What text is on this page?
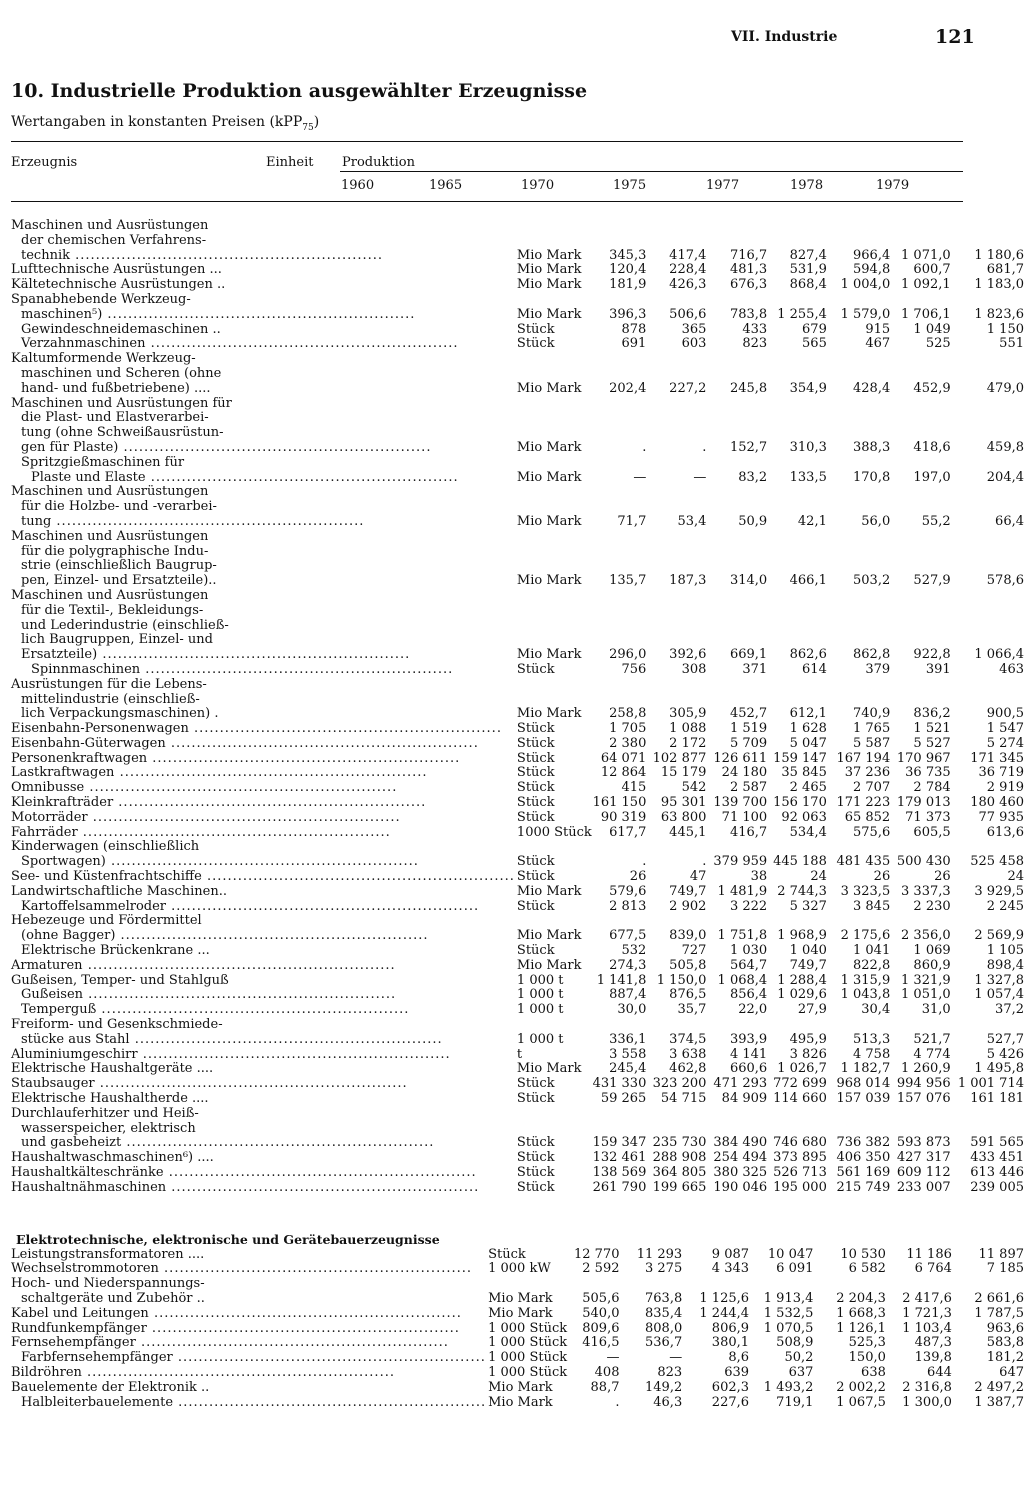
VII. Industrie	121
10. Industrielle Produktion ausgewählter Erzeugnisse
Wertangaben in konstanten Preisen (kPP$_{75}$)
Erzeugnis	Einheit Produktion
1960	1965	1970	1975	1977	1978	1979
Maschinen und Ausrüstungen								
der chemischen Verfahrens-								
technik ............................................................	Mio Mark	345,3	417,4	716,7	827,4	966,4	1 071,0	1 180,6
Lufttechnische Ausrüstungen ...	Mio Mark	120,4	228,4	481,3	531,9	594,8	600,7	681,7
Kältetechnische Ausrüstungen ..	Mio Mark	181,9	426,3	676,3	868,4	1 004,0	1 092,1	1 183,0
Spanabhebende Werkzeug-								
maschinen⁵) ............................................................	Mio Mark	396,3	506,6	783,8	1 255,4	1 579,0	1 706,1	1 823,6
Gewindeschneidemaschinen ..	Stück	878	365	433	679	915	1 049	1 150
Verzahnmaschinen ............................................................	Stück	691	603	823	565	467	525	551
Kaltumformende Werkzeug-								
maschinen und Scheren (ohne								
hand- und fußbetriebene) ....	Mio Mark	202,4	227,2	245,8	354,9	428,4	452,9	479,0
Maschinen und Ausrüstungen für								
die Plast- und Elastverarbei-								
tung (ohne Schweißausrüstun-								
gen für Plaste) ............................................................	Mio Mark	.	.	152,7	310,3	388,3	418,6	459,8
Spritzgießmaschinen für								
Plaste und Elaste ............................................................	Mio Mark	—	—	83,2	133,5	170,8	197,0	204,4
Maschinen und Ausrüstungen								
für die Holzbe- und -verarbei-								
tung ............................................................	Mio Mark	71,7	53,4	50,9	42,1	56,0	55,2	66,4
Maschinen und Ausrüstungen								
für die polygraphische Indu-								
strie (einschließlich Baugrup-								
pen, Einzel- und Ersatzteile)..	Mio Mark	135,7	187,3	314,0	466,1	503,2	527,9	578,6
Maschinen und Ausrüstungen								
für die Textil-, Bekleidungs-								
und Lederindustrie (einschließ-								
lich Baugruppen, Einzel- und								
Ersatzteile) ............................................................	Mio Mark	296,0	392,6	669,1	862,6	862,8	922,8	1 066,4
Spinnmaschinen ............................................................	Stück	756	308	371	614	379	391	463
Ausrüstungen für die Lebens-								
mittelindustrie (einschließ-								
lich Verpackungsmaschinen) .	Mio Mark	258,8	305,9	452,7	612,1	740,9	836,2	900,5
Eisenbahn-Personenwagen ............................................................	Stück	1 705	1 088	1 519	1 628	1 765	1 521	1 547
Eisenbahn-Güterwagen ............................................................	Stück	2 380	2 172	5 709	5 047	5 587	5 527	5 274
Personenkraftwagen ............................................................	Stück	64 071	102 877	126 611	159 147	167 194	170 967	171 345
Lastkraftwagen ............................................................	Stück	12 864	15 179	24 180	35 845	37 236	36 735	36 719
Omnibusse ............................................................	Stück	415	542	2 587	2 465	2 707	2 784	2 919
Kleinkrafträder ............................................................	Stück	161 150	95 301	139 700	156 170	171 223	179 013	180 460
Motorräder ............................................................	Stück	90 319	63 800	71 100	92 063	65 852	71 373	77 935
Fahrräder ............................................................	1000 Stück	617,7	445,1	416,7	534,4	575,6	605,5	613,6
Kinderwagen (einschließlich								
Sportwagen) ............................................................	Stück	.	.	379 959	445 188	481 435	500 430	525 458
See- und Küstenfrachtschiffe ............................................................	Stück	26	47	38	24	26	26	24
Landwirtschaftliche Maschinen..	Mio Mark	579,6	749,7	1 481,9	2 744,3	3 323,5	3 337,3	3 929,5
Kartoffelsammelroder ............................................................	Stück	2 813	2 902	3 222	5 327	3 845	2 230	2 245
Hebezeuge und Fördermittel								
(ohne Bagger) ............................................................	Mio Mark	677,5	839,0	1 751,8	1 968,9	2 175,6	2 356,0	2 569,9
Elektrische Brückenkrane ...	Stück	532	727	1 030	1 040	1 041	1 069	1 105
Armaturen ............................................................	Mio Mark	274,3	505,8	564,7	749,7	822,8	860,9	898,4
Gußeisen, Temper- und Stahlguß	1 000 t	1 141,8	1 150,0	1 068,4	1 288,4	1 315,9	1 321,9	1 327,8
Gußeisen ............................................................	1 000 t	887,4	876,5	856,4	1 029,6	1 043,8	1 051,0	1 057,4
Temperguß ............................................................	1 000 t	30,0	35,7	22,0	27,9	30,4	31,0	37,2
Freiform- und Gesenkschmiede-								
stücke aus Stahl ............................................................	1 000 t	336,1	374,5	393,9	495,9	513,3	521,7	527,7
Aluminiumgeschirr ............................................................	t	3 558	3 638	4 141	3 826	4 758	4 774	5 426
Elektrische Haushaltgeräte ....	Mio Mark	245,4	462,8	660,6	1 026,7	1 182,7	1 260,9	1 495,8
Staubsauger ............................................................	Stück	431 330	323 200	471 293	772 699	968 014	994 956	1 001 714
Elektrische Haushaltherde ....	Stück	59 265	54 715	84 909	114 660	157 039	157 076	161 181
Durchlauferhitzer und Heiß-								
wasserspeicher, elektrisch								
und gasbeheizt ............................................................	Stück	159 347	235 730	384 490	746 680	736 382	593 873	591 565
Haushaltwaschmaschinen⁶) ....	Stück	132 461	288 908	254 494	373 895	406 350	427 317	433 451
Haushaltkälteschränke ............................................................	Stück	138 569	364 805	380 325	526 713	561 169	609 112	613 446
Haushaltnähmaschinen ............................................................	Stück	261 790	199 665	190 046	195 000	215 749	233 007	239 005

Elektrotechnische, elektronische und Gerätebauerzeugnisse								
Leistungstransformatoren ....	Stück	12 770	11 293	9 087	10 047	10 530	11 186	11 897
Wechselstrommotoren ............................................................	1 000 kW	2 592	3 275	4 343	6 091	6 582	6 764	7 185
Hoch- und Niederspannungs-								
schaltgeräte und Zubehör ..	Mio Mark	505,6	763,8	1 125,6	1 913,4	2 204,3	2 417,6	2 661,6
Kabel und Leitungen ............................................................	Mio Mark	540,0	835,4	1 244,4	1 532,5	1 668,3	1 721,3	1 787,5
Rundfunkempfänger ............................................................	1 000 Stück	809,6	808,0	806,9	1 070,5	1 126,1	1 103,4	963,6
Fernsehempfänger ............................................................	1 000 Stück	416,5	536,7	380,1	508,9	525,3	487,3	583,8
Farbfernsehempfänger ............................................................	1 000 Stück	—	—	8,6	50,2	150,0	139,8	181,2
Bildröhren ............................................................	1 000 Stück	408	823	639	637	638	644	647
Bauelemente der Elektronik ..	Mio Mark	88,7	149,2	602,3	1 493,2	2 002,2	2 316,8	2 497,2
Halbleiterbauelemente ............................................................	Mio Mark	.	46,3	227,6	719,1	1 067,5	1 300,0	1 387,7
